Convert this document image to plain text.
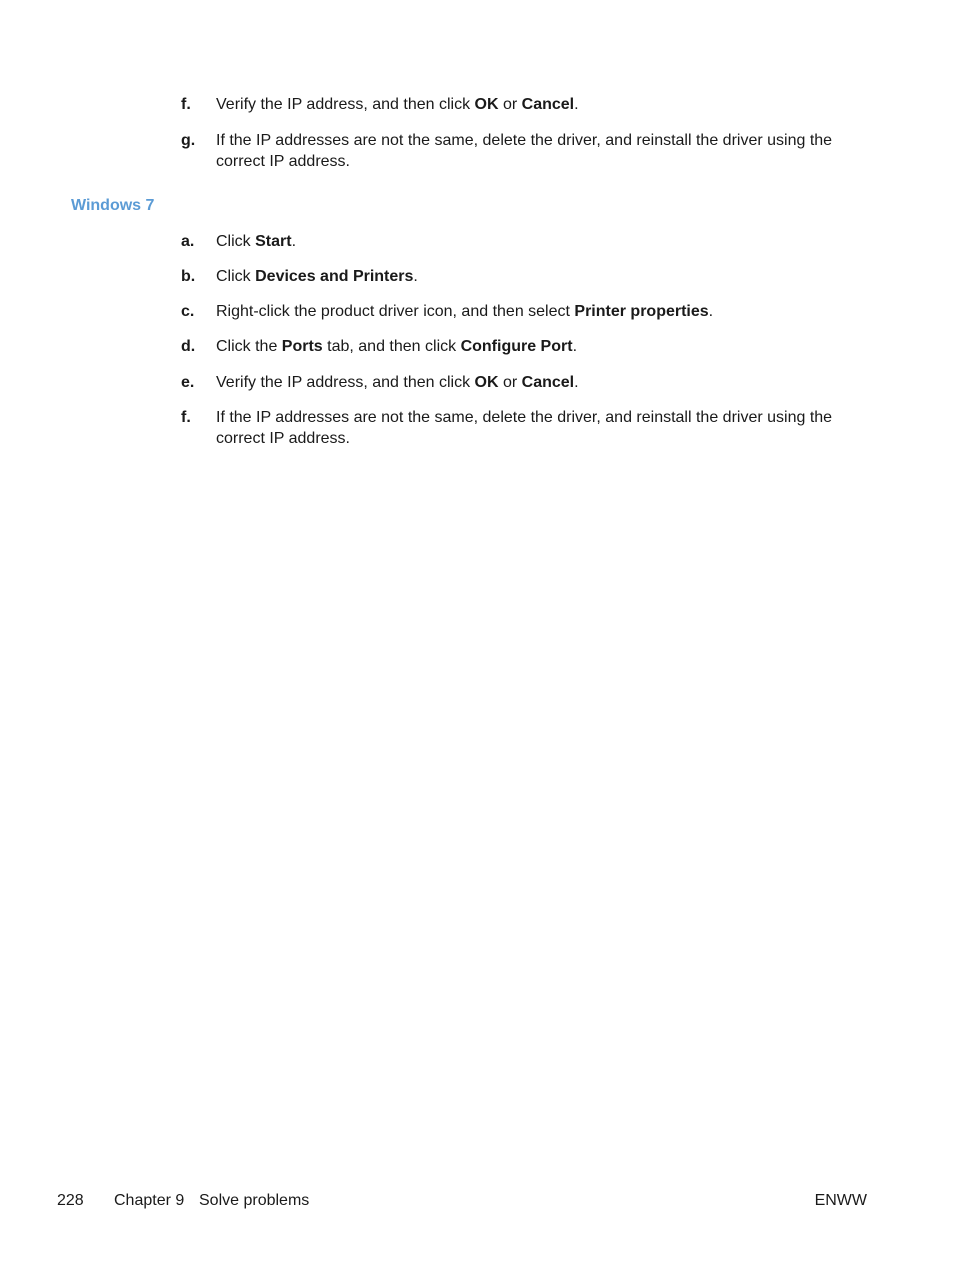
f. Verify the IP address, and then click OK or Cancel.
g. If the IP addresses are not the same, delete the driver, and reinstall the driver using the correct IP address.
Windows 7
a. Click Start.
b. Click Devices and Printers.
c. Right-click the product driver icon, and then select Printer properties.
d. Click the Ports tab, and then click Configure Port.
e. Verify the IP address, and then click OK or Cancel.
f. If the IP addresses are not the same, delete the driver, and reinstall the driver using the correct IP address.
228 Chapter 9 Solve problems	ENWW
